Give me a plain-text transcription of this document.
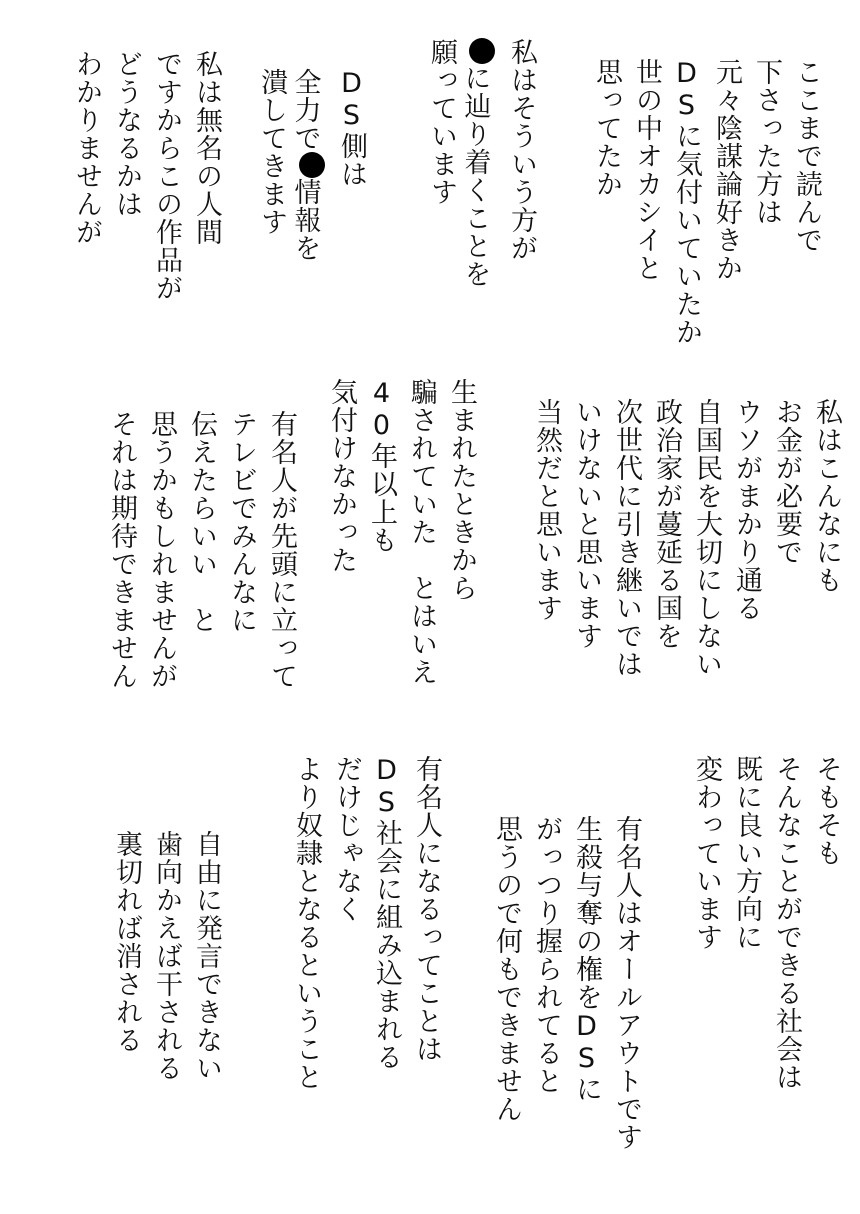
ここまで読んで
下さった方は
元々陰謀論好きか
DSに気付いていたか
世の中オカシイと
思ってたか
私はそういう方が
に辿り着くことを
願っています
DS側は
全力で情報を
潰してきます
私は無名の人間
ですからこの作品が
どうなるかは
わかりませんが
私はこんなにも
お金が必要で
ウソがまかり通る
自国民を大切にしない
政治家が蔓延る国を
次世代に引き継いでは
いけないと思います
当然だと思います
生まれたときから
騙されていた　とはいえ
40年以上も
気付けなかった
有名人が先頭に立って
テレビでみんなに
伝えたらいい　と
思うかもしれませんが
それは期待できません
そもそも
そんなことができる社会は
既に良い方向に
変わっています
有名人はオールアウトです
生殺与奪の権をDSに
がっつり握られてると
思うので何もできません
有名人になるってことは
DS社会に組み込まれる
だけじゃなく
より奴隷となるということ
自由に発言できない
歯向かえば干される
裏切れば消される
